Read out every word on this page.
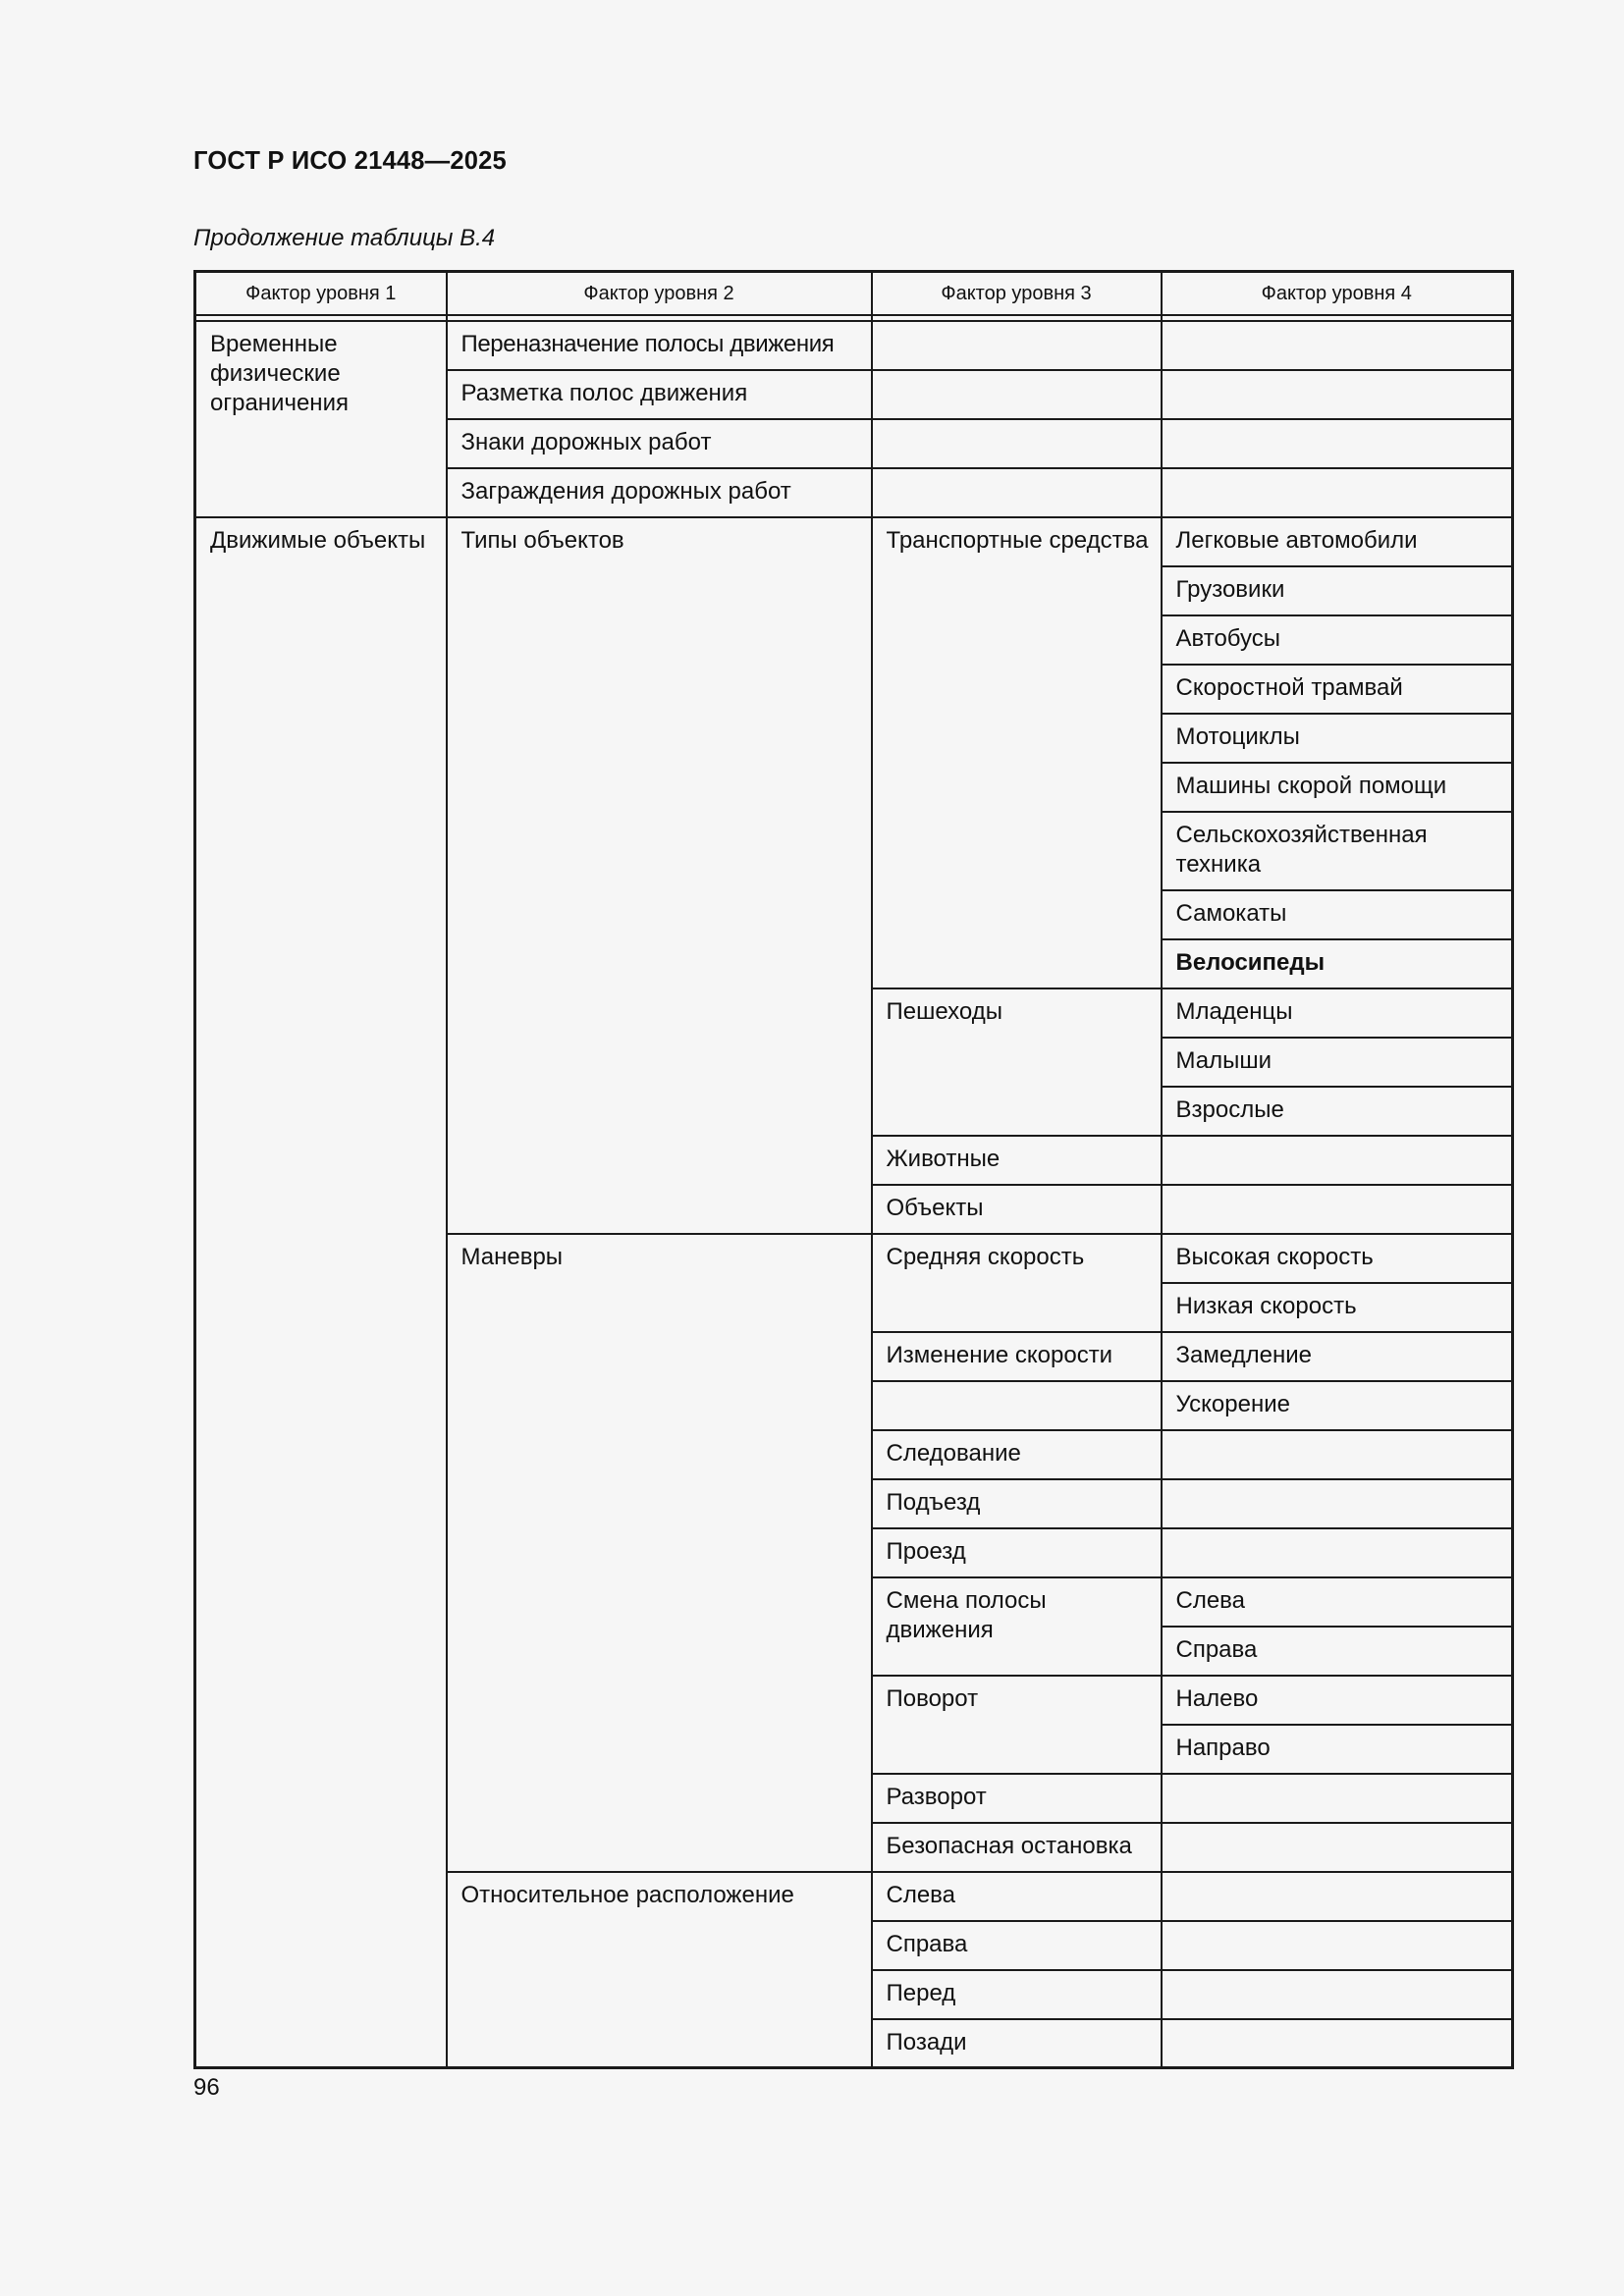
ГОСТ Р ИСО 21448—2025

Продолжение таблицы В.4

Фактор уровня 1	Фактор уровня 2	Фактор уровня 3	Фактор уровня 4

Временные физические ограничения	Переназначение полосы движения		

	Разметка полос движения		

	Знаки дорожных работ		

	Заграждения дорожных работ		

Движимые объекты	Типы объектов	Транспортные средства	Легковые автомобили

			Грузовики

			Автобусы

			Скоростной трамвай

			Мотоциклы

			Машины скорой помощи

			Сельскохозяйственная техника

			Самокаты

			Велосипеды

		Пешеходы	Младенцы

			Малыши

			Взрослые

		Животные	

		Объекты	

	Маневры	Средняя скорость	Высокая скорость

			Низкая скорость

		Изменение скорости	Замедление

			Ускорение

		Следование	

		Подъезд	

		Проезд	

		Смена полосы движения	Слева

			Справа

		Поворот	Налево

			Направо

		Разворот	

		Безопасная остановка	

	Относительное расположение	Слева	

		Справа	

		Перед	

		Позади	

96
